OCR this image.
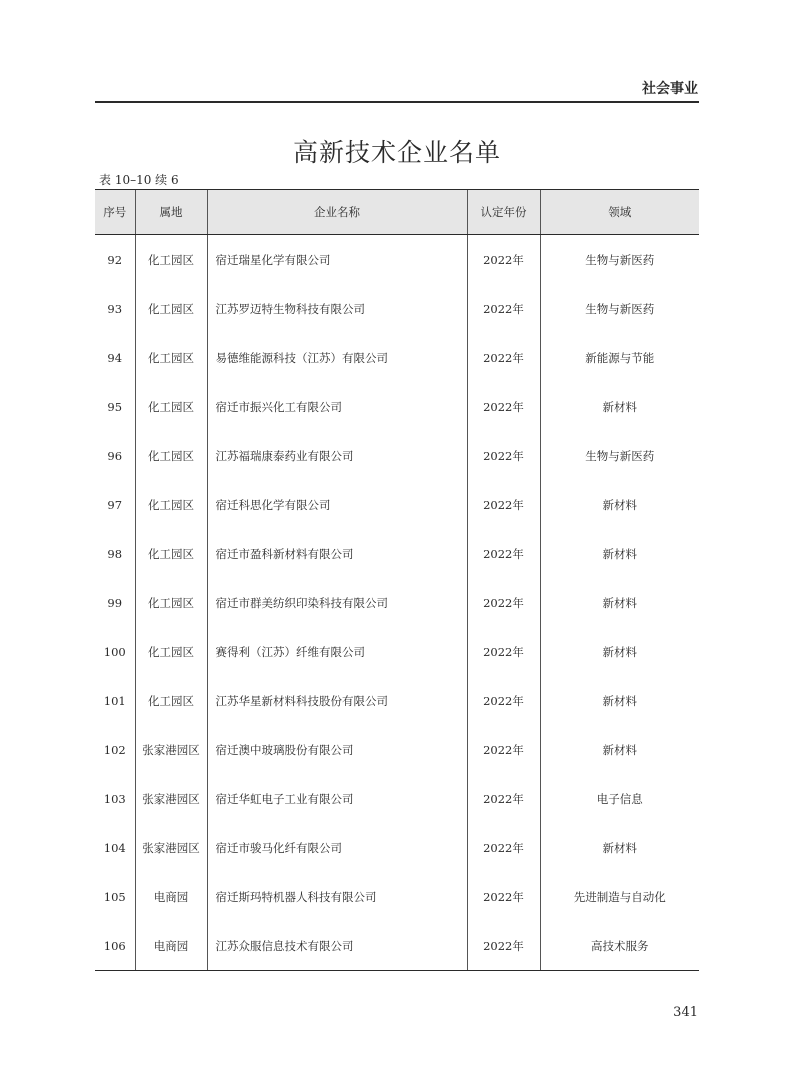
社会事业
高新技术企业名单
表 10–10 续 6
序号	属地	企业名称	认定年份	领域
92	化工园区	宿迁瑞星化学有限公司	2022年	生物与新医药
93	化工园区	江苏罗迈特生物科技有限公司	2022年	生物与新医药
94	化工园区	易德维能源科技（江苏）有限公司	2022年	新能源与节能
95	化工园区	宿迁市振兴化工有限公司	2022年	新材料
96	化工园区	江苏福瑞康泰药业有限公司	2022年	生物与新医药
97	化工园区	宿迁科思化学有限公司	2022年	新材料
98	化工园区	宿迁市盈科新材料有限公司	2022年	新材料
99	化工园区	宿迁市群美纺织印染科技有限公司	2022年	新材料
100	化工园区	赛得利（江苏）纤维有限公司	2022年	新材料
101	化工园区	江苏华星新材料科技股份有限公司	2022年	新材料
102	张家港园区	宿迁澳中玻璃股份有限公司	2022年	新材料
103	张家港园区	宿迁华虹电子工业有限公司	2022年	电子信息
104	张家港园区	宿迁市骏马化纤有限公司	2022年	新材料
105	电商园	宿迁斯玛特机器人科技有限公司	2022年	先进制造与自动化
106	电商园	江苏众服信息技术有限公司	2022年	高技术服务
341
